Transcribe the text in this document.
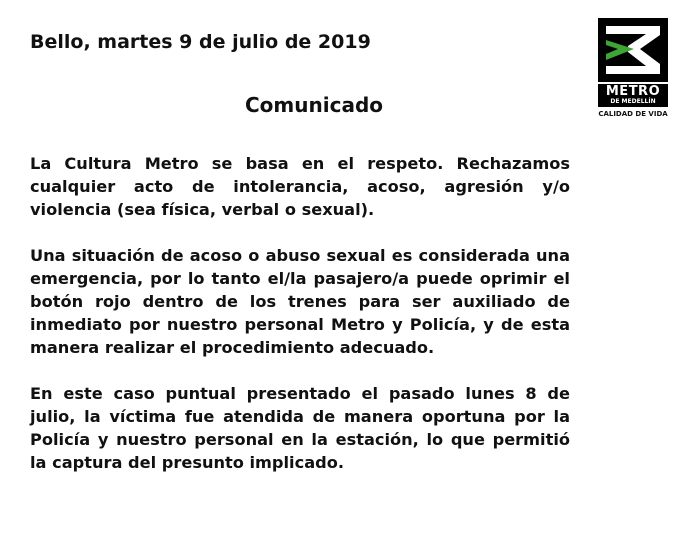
Bello, martes 9 de julio de 2019
Comunicado
METRO
DE MEDELLÍN
CALIDAD DE VIDA

La Cultura Metro se basa en el respeto. Rechazamos cualquier acto de intolerancia, acoso, agresión y/o violencia (sea física, verbal o sexual).

Una situación de acoso o abuso sexual es considerada una emergencia, por lo tanto el/la pasajero/a puede oprimir el botón rojo dentro de los trenes para ser auxiliado de inmediato por nuestro personal Metro y Policía, y de esta manera realizar el procedimiento adecuado.

En este caso puntual presentado el pasado lunes 8 de julio, la víctima fue atendida de manera oportuna por la Policía y nuestro personal en la estación, lo que permitió la captura del presunto implicado.
